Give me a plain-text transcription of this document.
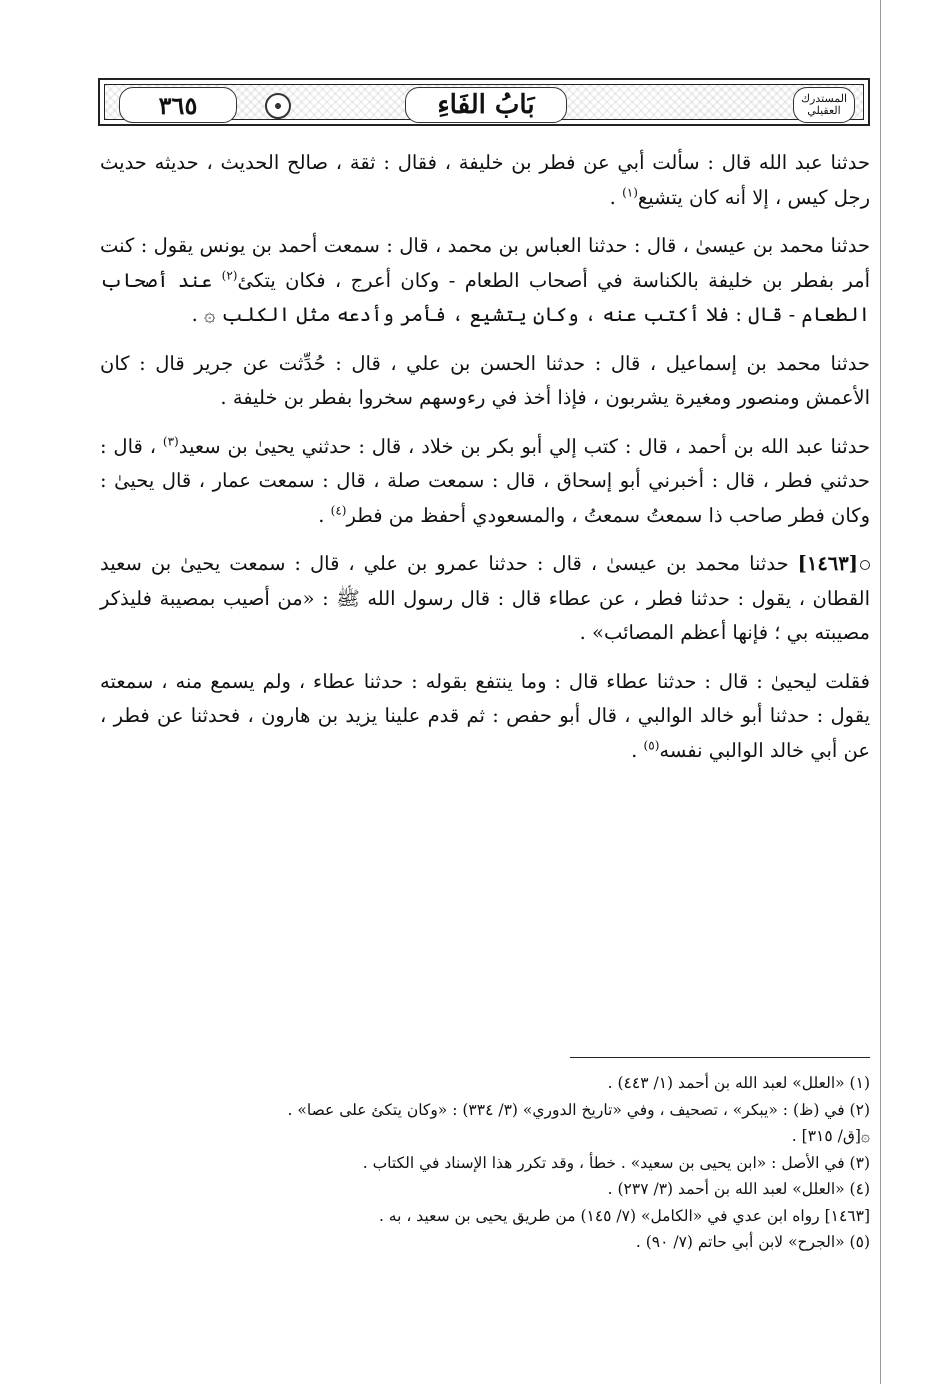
٣٦٥	بَابُ الفَاءِ	المستدرك
العقيلي

حدثنا عبد الله قال : سألت أبي عن فطر بن خليفة ، فقال : ثقة ، صالح الحديث ، حديثه حديث رجل كيس ، إلا أنه كان يتشيع$^{(١)}$ .

حدثنا محمد بن عيسىٰ ، قال : حدثنا العباس بن محمد ، قال : سمعت أحمد بن يونس يقول : كنت أمر بفطر بن خليفة بالكناسة في أصحاب الطعام - وكان أعرج ، فكان يتكئ$^{(٢)}$ عند أصحاب الطعام - قال : فلا أكتب عنه ، وكان يتشيع ، فأمر وأدعه مثل الكلب ۞ .

حدثنا محمد بن إسماعيل ، قال : حدثنا الحسن بن علي ، قال : حُدِّثت عن جرير قال : كان الأعمش ومنصور ومغيرة يشربون ، فإذا أخذ في رءوسهم سخروا بفطر بن خليفة .

حدثنا عبد الله بن أحمد ، قال : كتب إلي أبو بكر بن خلاد ، قال : حدثني يحيىٰ بن سعيد$^{(٣)}$ ، قال : حدثني فطر ، قال : أخبرني أبو إسحاق ، قال : سمعت صلة ، قال : سمعت عمار ، قال يحيىٰ : وكان فطر صاحب ذا سمعتُ سمعتُ ، والمسعودي أحفظ من فطر$^{(٤)}$ .

[١٤٦٣] حدثنا محمد بن عيسىٰ ، قال : حدثنا عمرو بن علي ، قال : سمعت يحيىٰ بن سعيد القطان ، يقول : حدثنا فطر ، عن عطاء قال : قال رسول الله ﷺ : «من أصيب بمصيبة فليذكر مصيبته بي ؛ فإنها أعظم المصائب» .

فقلت ليحيىٰ : قال : حدثنا عطاء قال : وما ينتفع بقوله : حدثنا عطاء ، ولم يسمع منه ، سمعته يقول : حدثنا أبو خالد الوالبي ، قال أبو حفص : ثم قدم علينا يزيد بن هارون ، فحدثنا عن فطر ، عن أبي خالد الوالبي نفسه$^{(٥)}$ .

(١) «العلل» لعبد الله بن أحمد (١/ ٤٤٣) .

(٢) في (ظ) : «يبكر» ، تصحيف ، وفي «تاريخ الدوري» (٣/ ٣٣٤) : «وكان يتكئ على عصا» .

۞[ق/ ٣١٥] .

(٣) في الأصل : «ابن يحيى بن سعيد» . خطأ ، وقد تكرر هذا الإسناد في الكتاب .

(٤) «العلل» لعبد الله بن أحمد (٣/ ٢٣٧) .

[١٤٦٣] رواه ابن عدي في «الكامل» (٧/ ١٤٥) من طريق يحيى بن سعيد ، به .

(٥) «الجرح» لابن أبي حاتم (٧/ ٩٠) .
